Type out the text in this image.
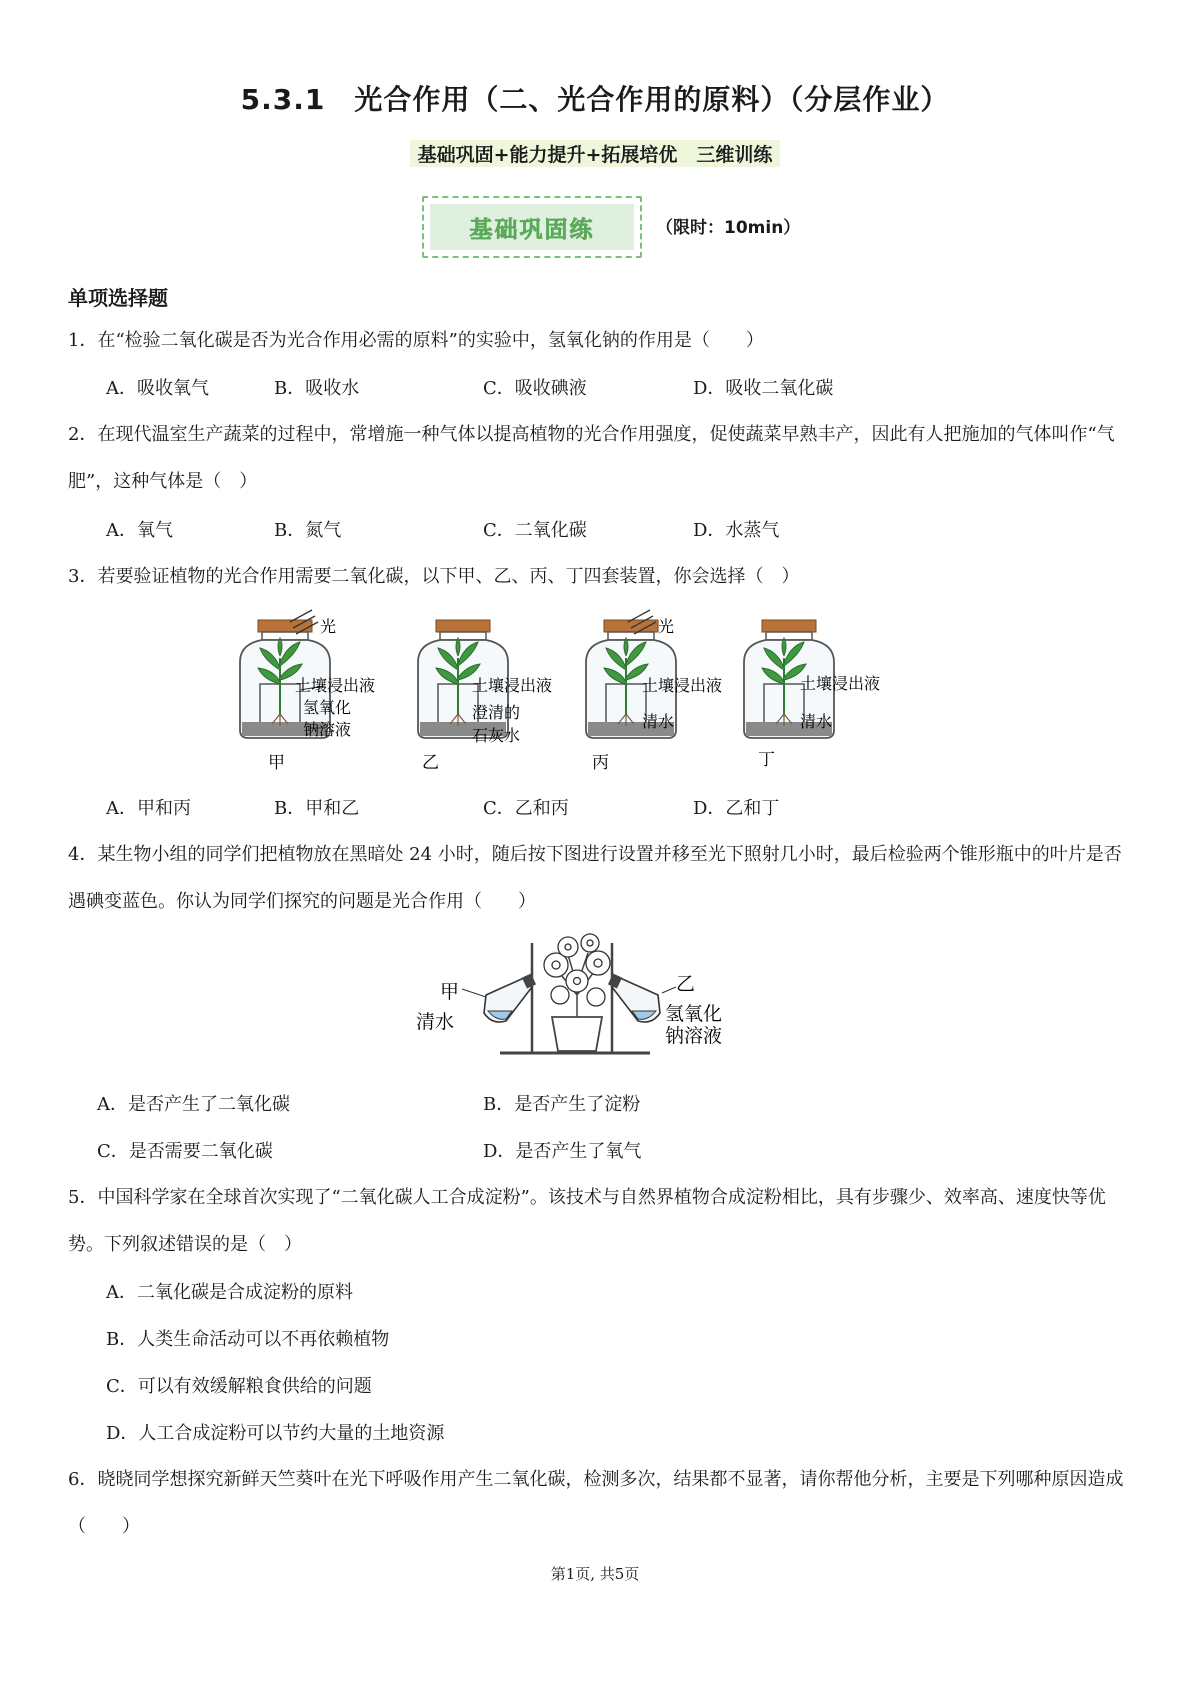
5.3.1　光合作用（二、光合作用的原料）（分层作业）
基础巩固+能力提升+拓展培优　三维训练
基础巩固练	（限时：10min）
单项选择题
1．在“检验二氧化碳是否为光合作用必需的原料”的实验中，氢氧化钠的作用是（　　）
A．吸收氧气	B．吸收水	C．吸收碘液	D．吸收二氧化碳
2．在现代温室生产蔬菜的过程中，常增施一种气体以提高植物的光合作用强度，促使蔬菜早熟丰产，因此有人把施加的气体叫作“气肥”，这种气体是（　）
A．氧气	B．氮气	C．二氧化碳	D．水蒸气
3．若要验证植物的光合作用需要二氧化碳，以下甲、乙、丙、丁四套装置，你会选择（　）
光
土壤浸出液
氢氧化
钠溶液
甲
土壤浸出液
澄清的
石灰水
乙
光
土壤浸出液
清水
丙
土壤浸出液
清水
丁
A．甲和丙	B．甲和乙	C．乙和丙	D．乙和丁
4．某生物小组的同学们把植物放在黑暗处 24 小时，随后按下图进行设置并移至光下照射几小时，最后检验两个锥形瓶中的叶片是否遇碘变蓝色。你认为同学们探究的问题是光合作用（　　）
甲
清水
乙
氢氧化
钠溶液
A．是否产生了二氧化碳	B．是否产生了淀粉
C．是否需要二氧化碳	D．是否产生了氧气
5．中国科学家在全球首次实现了“二氧化碳人工合成淀粉”。该技术与自然界植物合成淀粉相比，具有步骤少、效率高、速度快等优势。下列叙述错误的是（　）
A．二氧化碳是合成淀粉的原料
B．人类生命活动可以不再依赖植物
C．可以有效缓解粮食供给的问题
D．人工合成淀粉可以节约大量的土地资源
6．晓晓同学想探究新鲜天竺葵叶在光下呼吸作用产生二氧化碳，检测多次，结果都不显著，请你帮他分析，主要是下列哪种原因造成（　　）
第1页, 共5页
